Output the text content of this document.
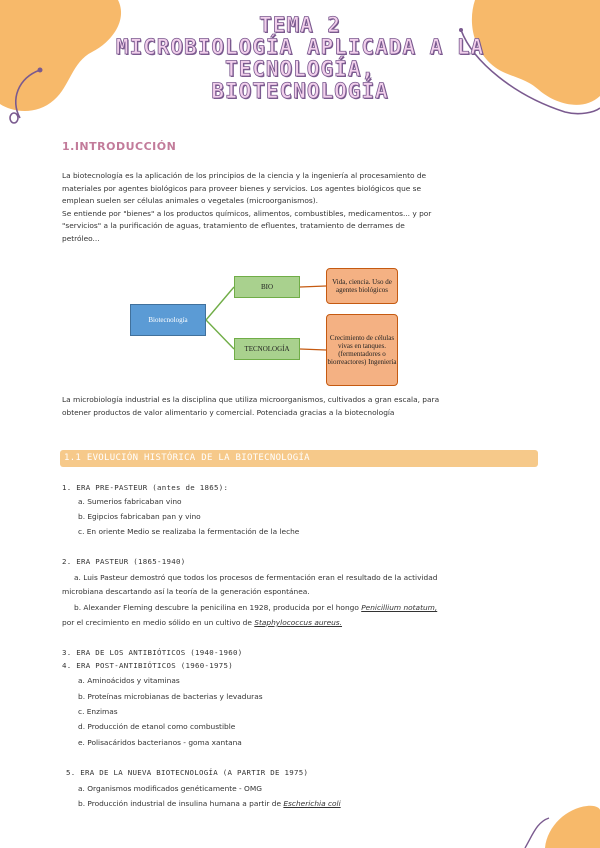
TEMA 2
MICROBIOLOGÍA APLICADA A LA
TECNOLOGÍA,
BIOTECNOLOGÍA
1.INTRODUCCIÓN
La biotecnología es la aplicación de los principios de la ciencia y la ingeniería al procesamiento de
materiales por agentes biológicos para proveer bienes y servicios. Los agentes biológicos que se
emplean suelen ser células animales o vegetales (microorganismos).
Se entiende por "bienes" a los productos químicos, alimentos, combustibles, medicamentos... y por
"servicios" a la purificación de aguas, tratamiento de efluentes, tratamiento de derrames de
petróleo...
Biotecnología
BIO
TECNOLOGÍA
Vida, ciencia. Uso de agentes biológicos
Crecimiento de células vivas en tanques. (fermentadores o biorreactores) Ingeniería
La microbiología industrial es la disciplina que utiliza microorganismos, cultivados a gran escala, para
obtener productos de valor alimentario y comercial. Potenciada gracias a la biotecnología
1.1 EVOLUCIÓN HISTÓRICA DE LA BIOTECNOLOGÍA
1. ERA PRE-PASTEUR (antes de 1865):
a. Sumerios fabricaban vino
b. Egipcios fabricaban pan y vino
c. En oriente Medio se realizaba la fermentación de la leche
2. ERA PASTEUR (1865-1940)
a. Luis Pasteur demostró que todos los procesos de fermentación eran el resultado de la actividad
microbiana descartando así la teoría de la generación espontánea.
b. Alexander Fleming descubre la penicilina en 1928, producida por el hongo Penicillium notatum,
por el crecimiento en medio sólido en un cultivo de Staphylococcus aureus.
3. ERA DE LOS ANTIBIÓTICOS (1940-1960)
4. ERA POST-ANTIBIÓTICOS (1960-1975)
a. Aminoácidos y vitaminas
b. Proteínas microbianas de bacterias y levaduras
c. Enzimas
d. Producción de etanol como combustible
e. Polisacáridos bacterianos - goma xantana
5. ERA DE LA NUEVA BIOTECNOLOGÍA (A PARTIR DE 1975)
a. Organismos modificados genéticamente - OMG
b. Producción industrial de insulina humana a partir de Escherichia coli
